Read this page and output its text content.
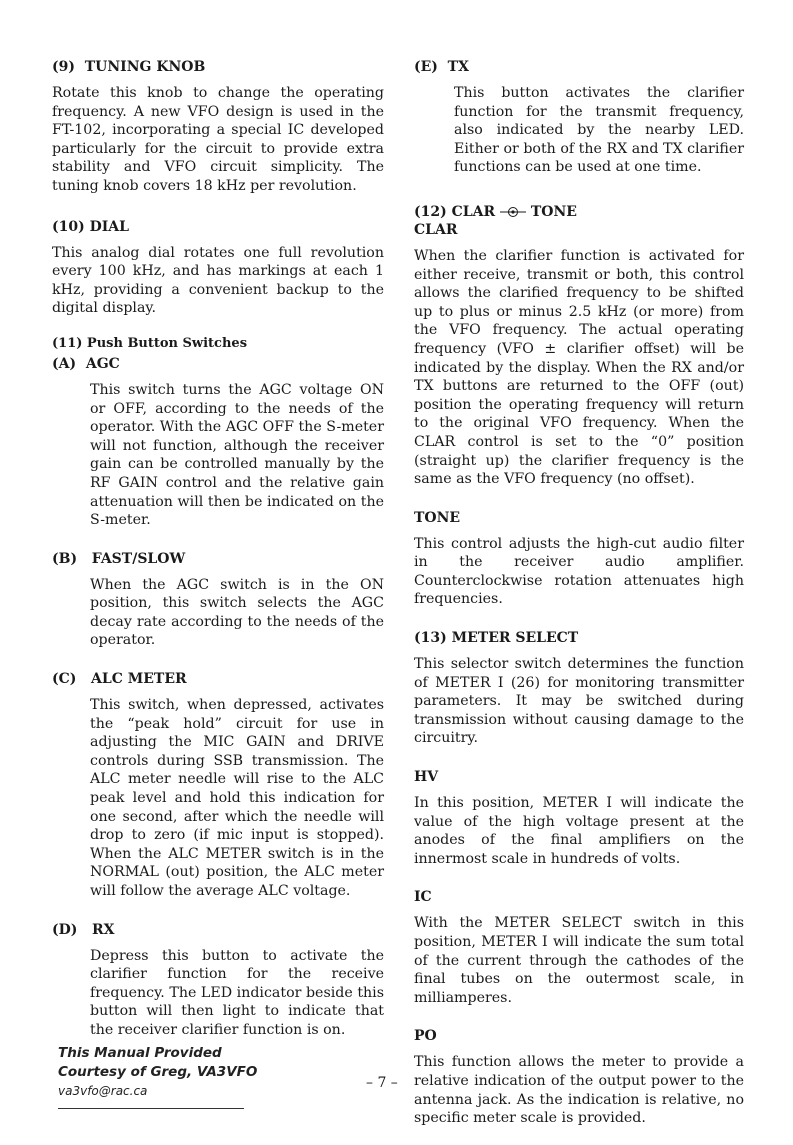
(9)  TUNING KNOB

Rotate this knob to change the operating frequency. A new VFO design is used in the FT-102, incorporating a special IC developed particularly for the circuit to provide extra stability and VFO circuit simplicity. The tuning knob covers 18 kHz per revolution.

(10) DIAL

This analog dial rotates one full revolution every 100 kHz, and has markings at each 1 kHz, providing a convenient backup to the digital display.

(11) Push Button Switches
(A)  AGC

This switch turns the AGC voltage ON or OFF, according to the needs of the operator. With the AGC OFF the S-meter will not function, although the receiver gain can be controlled manually by the RF GAIN control and the relative gain attenuation will then be indicated on the S-meter.

(B)   FAST/SLOW

When the AGC switch is in the ON position, this switch selects the AGC decay rate according to the needs of the operator.

(C)   ALC METER

This switch, when depressed, activates the “peak hold” circuit for use in adjusting the MIC GAIN and DRIVE controls during SSB transmission. The ALC meter needle will rise to the ALC peak level and hold this indication for one second, after which the needle will drop to zero (if mic input is stopped). When the ALC METER switch is in the NORMAL (out) position, the ALC meter will follow the average ALC voltage.

(D)   RX

Depress this button to activate the clarifier function for the receive frequency. The LED indicator beside this button will then light to indicate that the receiver clarifier function is on.

(E)  TX

This button activates the clarifier function for the transmit frequency, also indicated by the nearby LED. Either or both of the RX and TX clarifier functions can be used at one time.

(12) CLAR	TONE
CLAR

When the clarifier function is activated for either receive, transmit or both, this control allows the clarified frequency to be shifted up to plus or minus 2.5 kHz (or more) from the VFO frequency. The actual operating frequency (VFO ± clarifier offset) will be indicated by the display. When the RX and/or TX buttons are returned to the OFF (out) position the operating frequency will return to the original VFO frequency. When the CLAR control is set to the “0” position (straight up) the clarifier frequency is the same as the VFO frequency (no offset).

TONE

This control adjusts the high-cut audio filter in the receiver audio amplifier. Counterclockwise rotation attenuates high frequencies.

(13) METER SELECT

This selector switch determines the function of METER I (26) for monitoring transmitter parameters. It may be switched during transmission without causing damage to the circuitry.

HV

In this position, METER I will indicate the value of the high voltage present at the anodes of the final amplifiers on the innermost scale in hundreds of volts.

IC

With the METER SELECT switch in this position, METER I will indicate the sum total of the current through the cathodes of the final tubes on the outermost scale, in milliamperes.

PO

This function allows the meter to provide a relative indication of the output power to the antenna jack. As the indication is relative, no specific meter scale is provided.

This Manual Provided
Courtesy of Greg, VA3VFO
va3vfo@rac.ca	– 7 –
